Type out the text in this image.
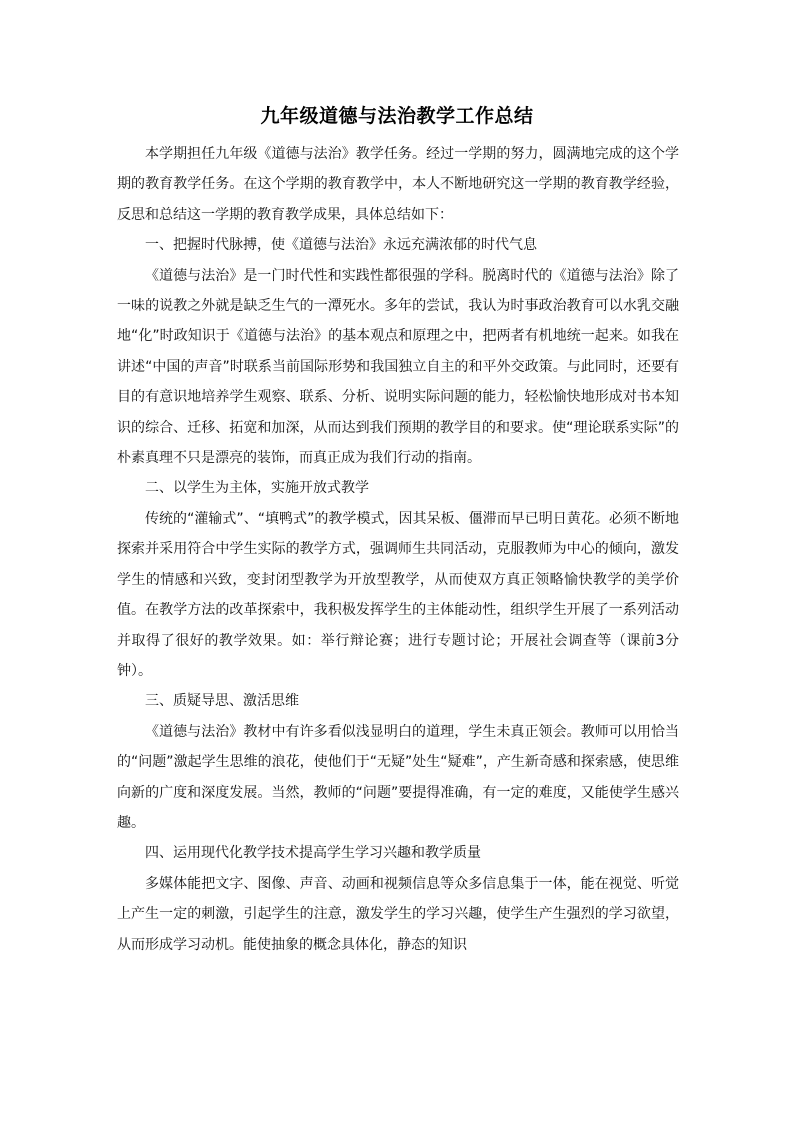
九年级道德与法治教学工作总结

本学期担任九年级《道德与法治》教学任务。经过一学期的努力，圆满地完成的这个学期的教育教学任务。在这个学期的教育教学中，本人不断地研究这一学期的教育教学经验，反思和总结这一学期的教育教学成果，具体总结如下：

一、把握时代脉搏，使《道德与法治》永远充满浓郁的时代气息

《道德与法治》是一门时代性和实践性都很强的学科。脱离时代的《道德与法治》除了一味的说教之外就是缺乏生气的一潭死水。多年的尝试，我认为时事政治教育可以水乳交融地“化”时政知识于《道德与法治》的基本观点和原理之中，把两者有机地统一起来。如我在讲述“中国的声音”时联系当前国际形势和我国独立自主的和平外交政策。与此同时，还要有目的有意识地培养学生观察、联系、分析、说明实际问题的能力，轻松愉快地形成对书本知识的综合、迁移、拓宽和加深，从而达到我们预期的教学目的和要求。使“理论联系实际”的朴素真理不只是漂亮的装饰，而真正成为我们行动的指南。

二、以学生为主体，实施开放式教学

传统的“灌输式”、“填鸭式”的教学模式，因其呆板、僵滞而早已明日黄花。必须不断地探索并采用符合中学生实际的教学方式，强调师生共同活动，克服教师为中心的倾向，激发学生的情感和兴致，变封闭型教学为开放型教学，从而使双方真正领略愉快教学的美学价值。在教学方法的改革探索中，我积极发挥学生的主体能动性，组织学生开展了一系列活动并取得了很好的教学效果。如：举行辩论赛；进行专题讨论；开展社会调查等（课前3分钟）。

三、质疑导思、激活思维

《道德与法治》教材中有许多看似浅显明白的道理，学生未真正领会。教师可以用恰当的“问题”激起学生思维的浪花，使他们于“无疑”处生“疑难”，产生新奇感和探索感，使思维向新的广度和深度发展。当然，教师的“问题”要提得准确，有一定的难度，又能使学生感兴趣。

四、运用现代化教学技术提高学生学习兴趣和教学质量

多媒体能把文字、图像、声音、动画和视频信息等众多信息集于一体，能在视觉、听觉上产生一定的刺激，引起学生的注意，激发学生的学习兴趣，使学生产生强烈的学习欲望，从而形成学习动机。能使抽象的概念具体化，静态的知识
